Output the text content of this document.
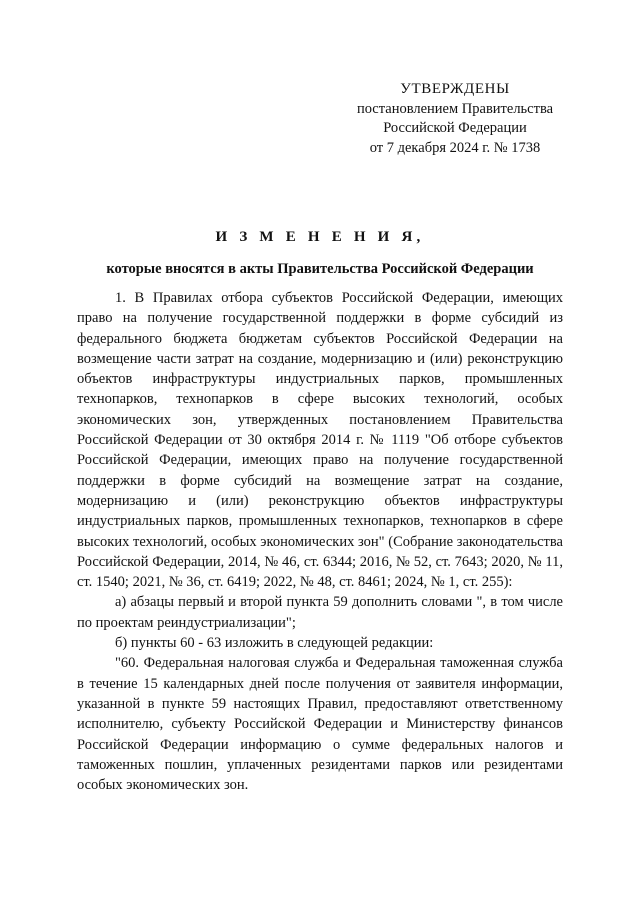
УТВЕРЖДЕНЫ
постановлением Правительства
Российской Федерации
от 7 декабря 2024 г. № 1738
И З М Е Н Е Н И Я,
которые вносятся в акты Правительства Российской Федерации

1. В Правилах отбора субъектов Российской Федерации, имеющих право на получение государственной поддержки в форме субсидий из федерального бюджета бюджетам субъектов Российской Федерации на возмещение части затрат на создание, модернизацию и (или) реконструкцию объектов инфраструктуры индустриальных парков, промышленных технопарков, технопарков в сфере высоких технологий, особых экономических зон, утвержденных постановлением Правительства Российской Федерации от 30 октября 2014 г. № 1119 "Об отборе субъектов Российской Федерации, имеющих право на получение государственной поддержки в форме субсидий на возмещение затрат на создание, модернизацию и (или) реконструкцию объектов инфраструктуры индустриальных парков, промышленных технопарков, технопарков в сфере высоких технологий, особых экономических зон" (Собрание законодательства Российской Федерации, 2014, № 46, ст. 6344; 2016, № 52, ст. 7643; 2020, № 11, ст. 1540; 2021, № 36, ст. 6419; 2022, № 48, ст. 8461; 2024, № 1, ст. 255):

а) абзацы первый и второй пункта 59 дополнить словами ", в том числе по проектам реиндустриализации";

б) пункты 60 - 63 изложить в следующей редакции:

"60. Федеральная налоговая служба и Федеральная таможенная служба в течение 15 календарных дней после получения от заявителя информации, указанной в пункте 59 настоящих Правил, предоставляют ответственному исполнителю, субъекту Российской Федерации и Министерству финансов Российской Федерации информацию о сумме федеральных налогов и таможенных пошлин, уплаченных резидентами парков или резидентами особых экономических зон.
